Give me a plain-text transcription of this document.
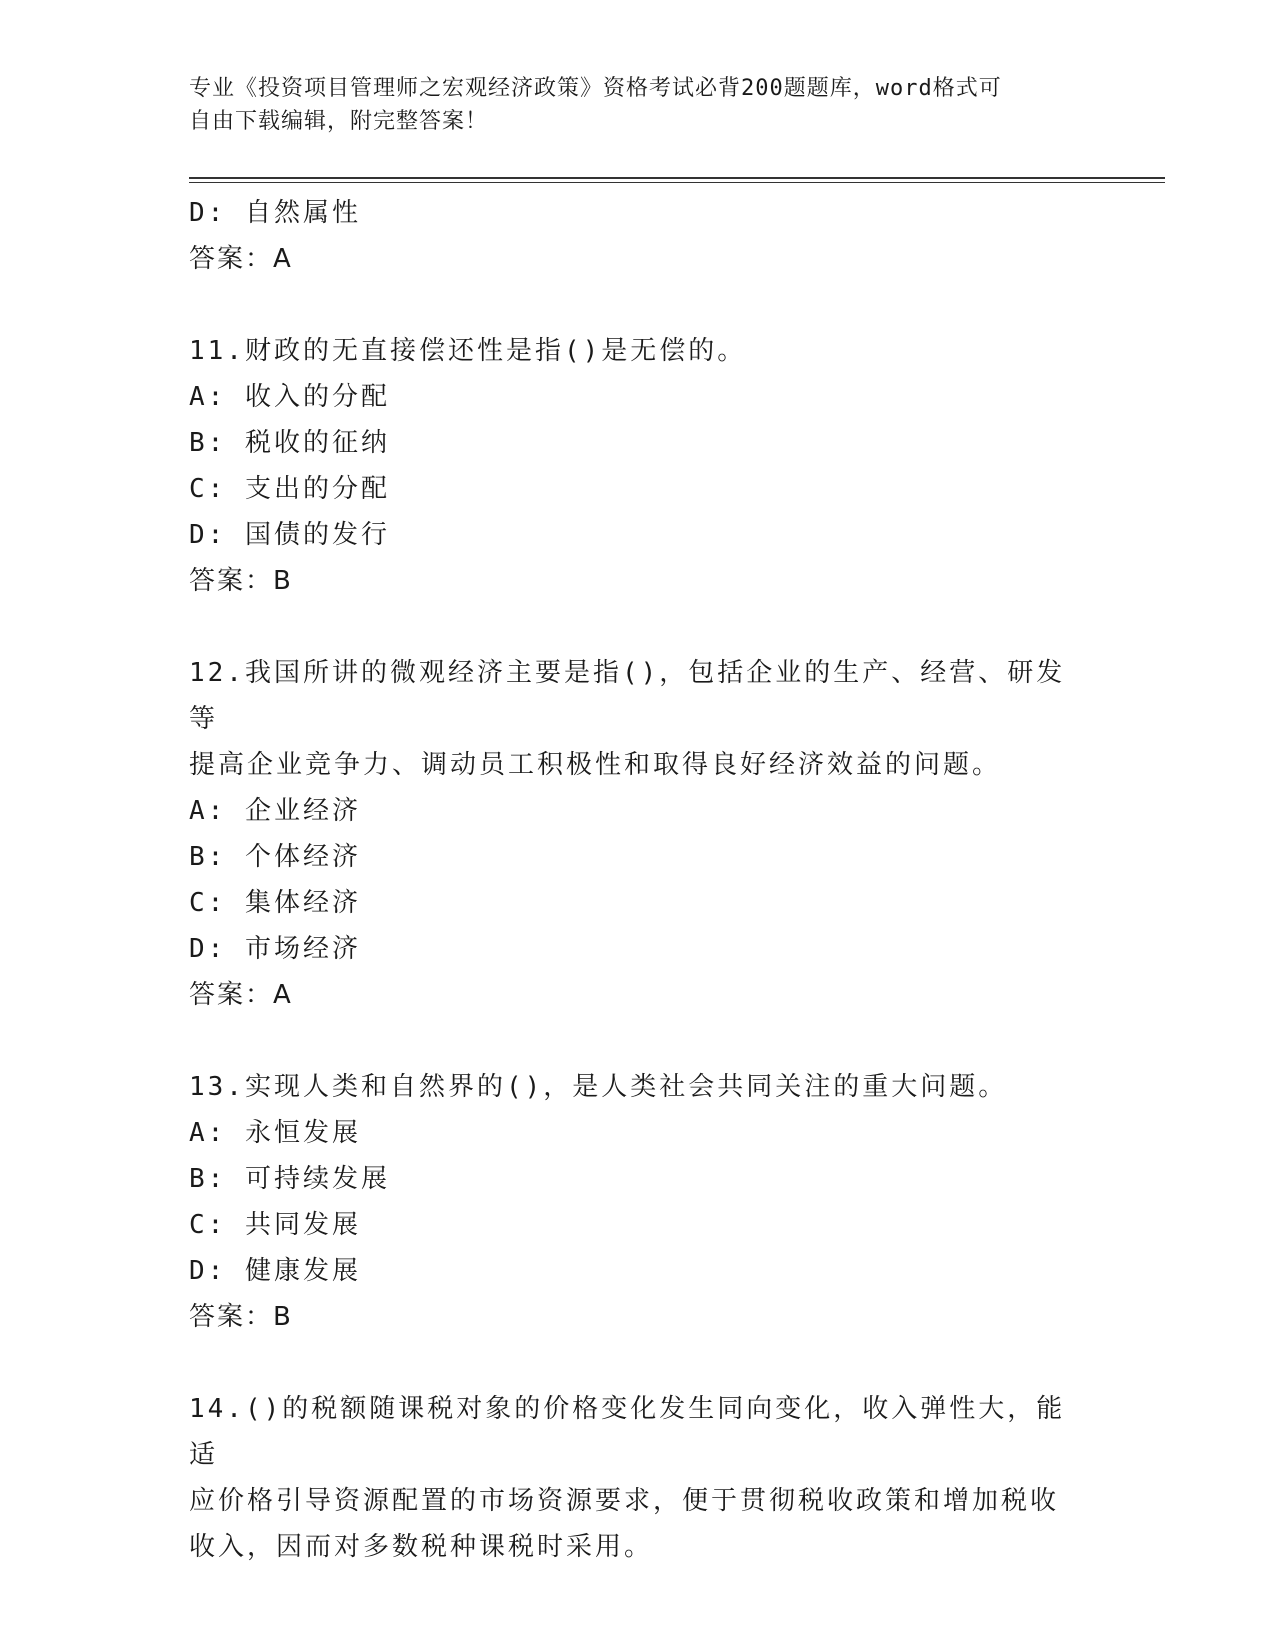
专业《投资项目管理师之宏观经济政策》资格考试必背200题题库，word格式可
自由下载编辑，附完整答案！
D: 自然属性
答案：A
11.财政的无直接偿还性是指()是无偿的。
A: 收入的分配
B: 税收的征纳
C: 支出的分配
D: 国债的发行
答案：B
12.我国所讲的微观经济主要是指()，包括企业的生产、经营、研发等
提高企业竞争力、调动员工积极性和取得良好经济效益的问题。
A: 企业经济
B: 个体经济
C: 集体经济
D: 市场经济
答案：A
13.实现人类和自然界的()，是人类社会共同关注的重大问题。
A: 永恒发展
B: 可持续发展
C: 共同发展
D: 健康发展
答案：B
14.()的税额随课税对象的价格变化发生同向变化，收入弹性大，能适
应价格引导资源配置的市场资源要求，便于贯彻税收政策和增加税收
收入，因而对多数税种课税时采用。
